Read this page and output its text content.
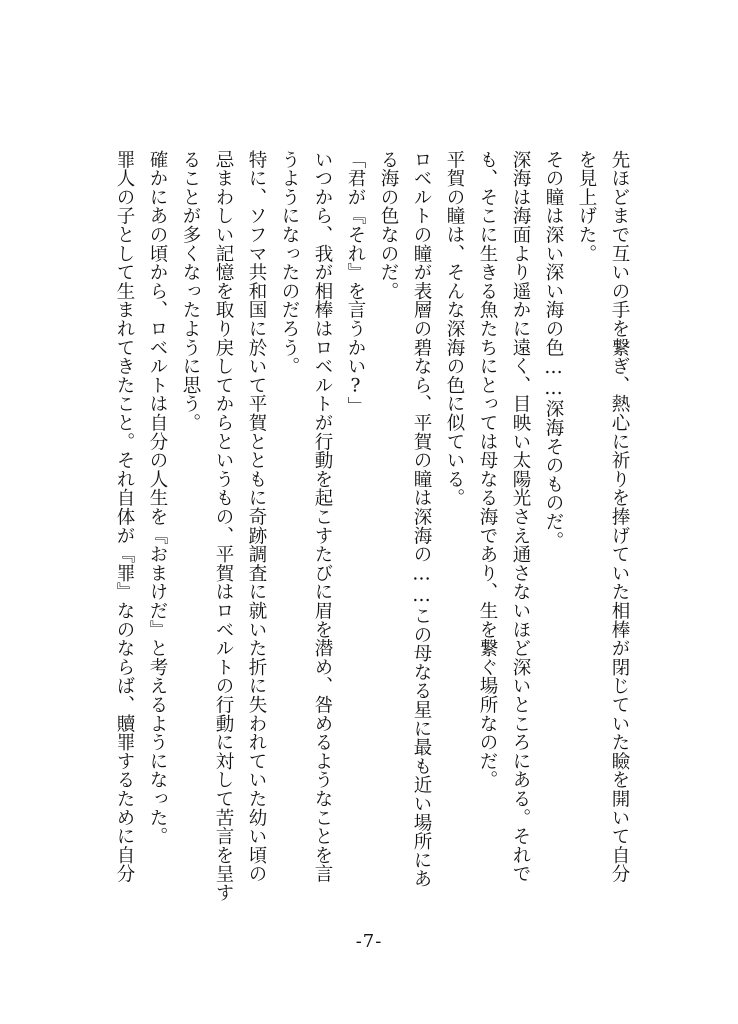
先ほどまで互いの手を繋ぎ、熱心に祈りを捧げていた相棒が閉じていた瞼を開いて自分
を見上げた。
その瞳は深い深い海の色……深海そのものだ。
深海は海面より遥かに遠く、目映い太陽光さえ通さないほど深いところにある。それで
も、そこに生きる魚たちにとっては母なる海であり、生を繋ぐ場所なのだ。
平賀の瞳は、そんな深海の色に似ている。
ロベルトの瞳が表層の碧なら、平賀の瞳は深海の……この母なる星に最も近い場所にあ
る海の色なのだ。
「君が『それ』を言うかい?」
いつから、我が相棒はロベルトが行動を起こすたびに眉を潜め、咎めるようなことを言
うようになったのだろう。
特に、ソフマ共和国に於いて平賀とともに奇跡調査に就いた折に失われていた幼い頃の
忌まわしい記憶を取り戻してからというもの、平賀はロベルトの行動に対して苦言を呈す
ることが多くなったように思う。
確かにあの頃から、ロベルトは自分の人生を『おまけだ』と考えるようになった。
罪人の子として生まれてきたこと。それ自体が『罪』なのならば、贖罪するために自分
-7-
